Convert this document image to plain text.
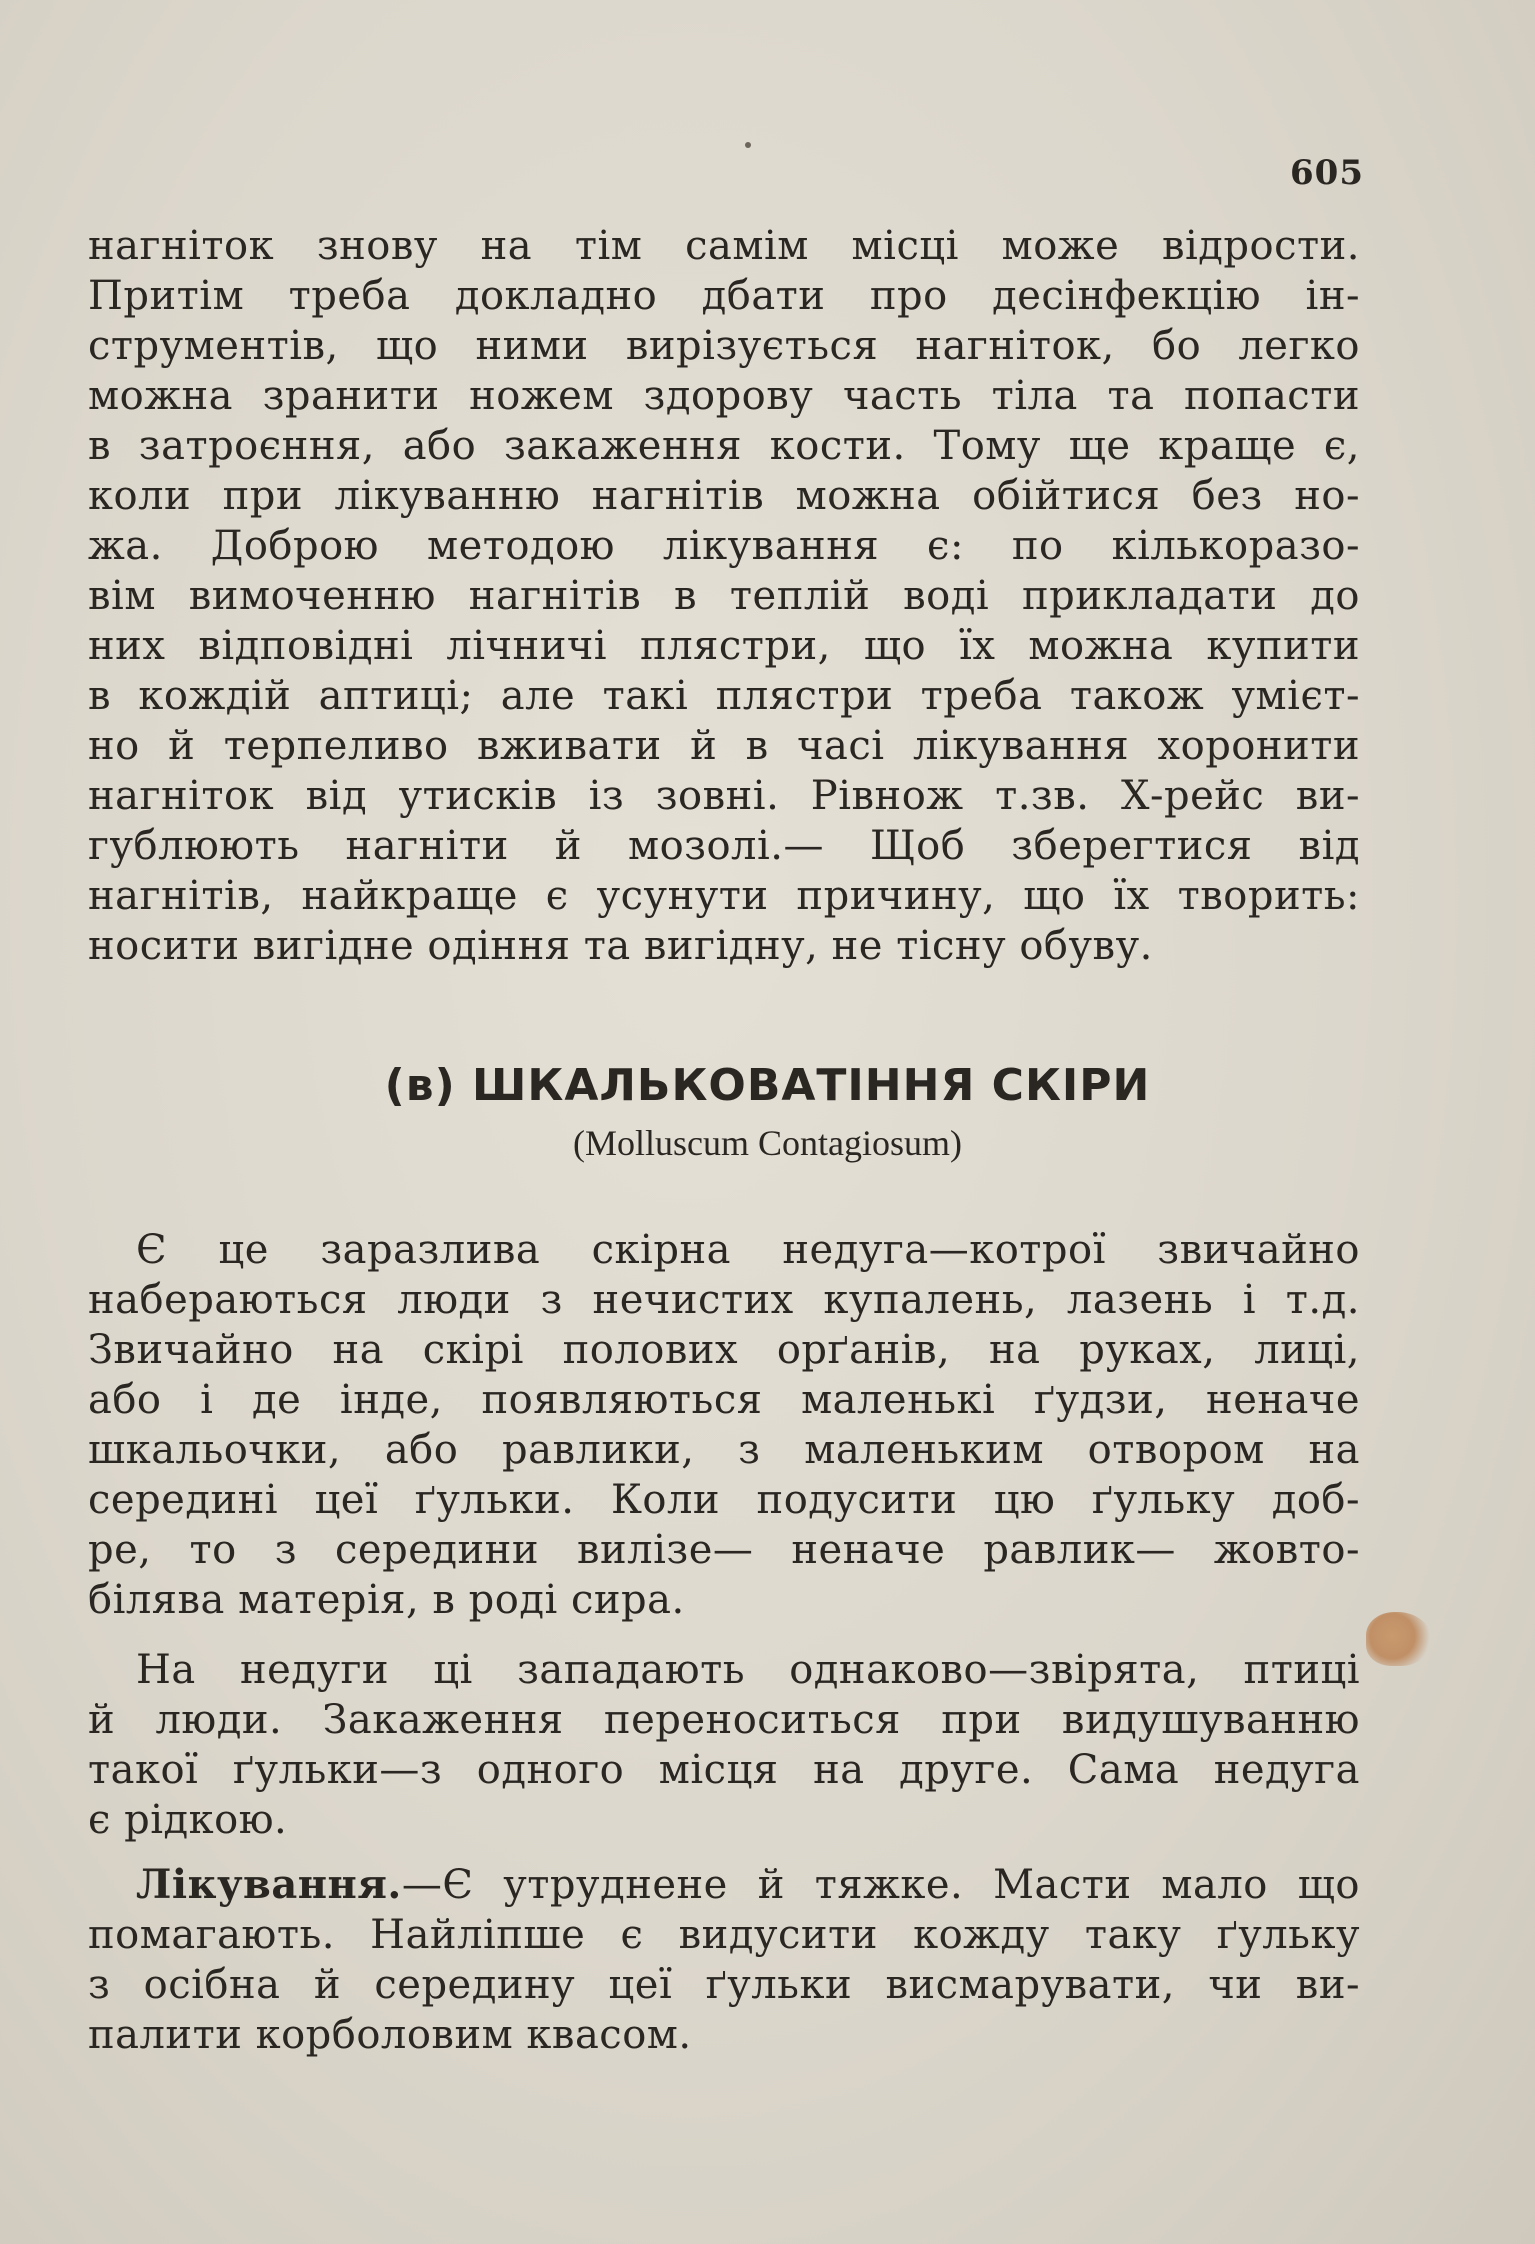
605
нагніток знову на тім самім місці може відрости.
Притім треба докладно дбати про десінфекцію ін-
струментів, що ними вирізується нагніток, бо легко
можна зранити ножем здорову часть тіла та попасти
в затроєння, або закаження кости. Тому ще краще є,
коли при лікуванню нагнітів можна обійтися без но-
жа. Доброю методою лікування є: по кількоразо-
вім вимоченню нагнітів в теплій воді прикладати до
них відповідні лічничі плястри, що їх можна купити
в кождій аптиці; але такі плястри треба також умієт-
но й терпеливо вживати й в часі лікування хоронити
нагніток від утисків із зовні. Рівнож т.зв. Х-рейс ви-
гублюють нагніти й мозолі.— Щоб зберегтися від
нагнітів, найкраще є усунути причину, що їх творить:
носити вигідне одіння та вигідну, не тісну обуву.
(в) ШКАЛЬКОВАТІННЯ СКІРИ
(Molluscum Contagiosum)
Є це заразлива скірна недуга—котрої звичайно
набераються люди з нечистих купалень, лазень і т.д.
Звичайно на скірі полових орґанів, на руках, лиці,
або і де інде, появляються маленькі ґудзи, неначе
шкальочки, або равлики, з маленьким отвором на
середині цеї ґульки. Коли подусити цю ґульку доб-
ре, то з середини вилізе— неначе равлик— жовто-
білява матерія, в роді сира.
На недуги ці западають однаково—звірята, птиці
й люди. Закаження переноситься при видушуванню
такої ґульки—з одного місця на друге. Сама недуга
є рідкою.
Лікування.—Є утруднене й тяжке. Масти мало що
помагають. Найліпше є видусити кожду таку ґульку
з осібна й середину цеї ґульки висмарувати, чи ви-
палити корболовим квасом.
